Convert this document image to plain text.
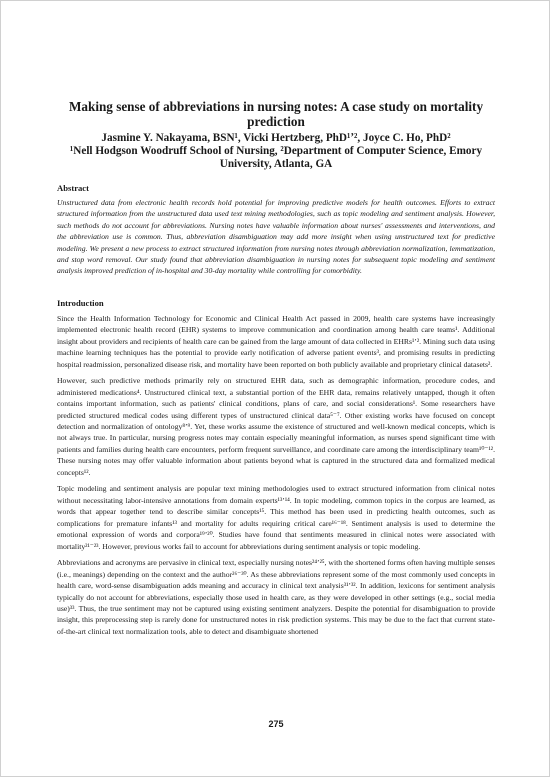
Making sense of abbreviations in nursing notes: A case study on mortality prediction
Jasmine Y. Nakayama, BSN¹, Vicki Hertzberg, PhD¹ʼ², Joyce C. Ho, PhD²
¹Nell Hodgson Woodruff School of Nursing, ²Department of Computer Science, Emory University, Atlanta, GA
Abstract

Unstructured data from electronic health records hold potential for improving predictive models for health outcomes. Efforts to extract structured information from the unstructured data used text mining methodologies, such as topic modeling and sentiment analysis. However, such methods do not account for abbreviations. Nursing notes have valuable information about nurses' assessments and interventions, and the abbreviation use is common. Thus, abbreviation disambiguation may add more insight when using unstructured text for predictive modeling. We present a new process to extract structured information from nursing notes through abbreviation normalization, lemmatization, and stop word removal. Our study found that abbreviation disambiguation in nursing notes for subsequent topic modeling and sentiment analysis improved prediction of in-hospital and 30-day mortality while controlling for comorbidity.

Introduction

Since the Health Information Technology for Economic and Clinical Health Act passed in 2009, health care systems have increasingly implemented electronic health record (EHR) systems to improve communication and coordination among health care teams¹. Additional insight about providers and recipients of health care can be gained from the large amount of data collected in EHRs¹ʼ². Mining such data using machine learning techniques has the potential to provide early notification of adverse patient events³, and promising results in predicting hospital readmission, personalized disease risk, and mortality have been reported on both publicly available and proprietary clinical datasets².

However, such predictive methods primarily rely on structured EHR data, such as demographic information, procedure codes, and administered medications⁴. Unstructured clinical text, a substantial portion of the EHR data, remains relatively untapped, though it often contains important information, such as patients' clinical conditions, plans of care, and social considerations¹. Some researchers have predicted structured medical codes using different types of unstructured clinical data⁵⁻⁷. Other existing works have focused on concept detection and normalization of ontology⁸ʼ⁹. Yet, these works assume the existence of structured and well-known medical concepts, which is not always true. In particular, nursing progress notes may contain especially meaningful information, as nurses spend significant time with patients and families during health care encounters, perform frequent surveillance, and coordinate care among the interdisciplinary team¹⁰⁻¹². These nursing notes may offer valuable information about patients beyond what is captured in the structured data and formalized medical concepts¹².

Topic modeling and sentiment analysis are popular text mining methodologies used to extract structured information from clinical notes without necessitating labor-intensive annotations from domain experts¹³ʼ¹⁴. In topic modeling, common topics in the corpus are learned, as words that appear together tend to describe similar concepts¹⁵. This method has been used in predicting health outcomes, such as complications for premature infants¹³ and mortality for adults requiring critical care¹⁶⁻¹⁸. Sentiment analysis is used to determine the emotional expression of words and corpora¹⁹ʼ²⁰. Studies have found that sentiments measured in clinical notes were associated with mortality²¹⁻²³. However, previous works fail to account for abbreviations during sentiment analysis or topic modeling.

Abbreviations and acronyms are pervasive in clinical text, especially nursing notes²⁴ʼ²⁵, with the shortened forms often having multiple senses (i.e., meanings) depending on the context and the author²⁶⁻³⁰. As these abbreviations represent some of the most commonly used concepts in health care, word-sense disambiguation adds meaning and accuracy in clinical text analysis³¹ʼ³². In addition, lexicons for sentiment analysis typically do not account for abbreviations, especially those used in health care, as they were developed in other settings (e.g., social media use)³³. Thus, the true sentiment may not be captured using existing sentiment analyzers. Despite the potential for disambiguation to provide insight, this preprocessing step is rarely done for unstructured notes in risk prediction systems. This may be due to the fact that current state-of-the-art clinical text normalization tools, able to detect and disambiguate shortened

275
